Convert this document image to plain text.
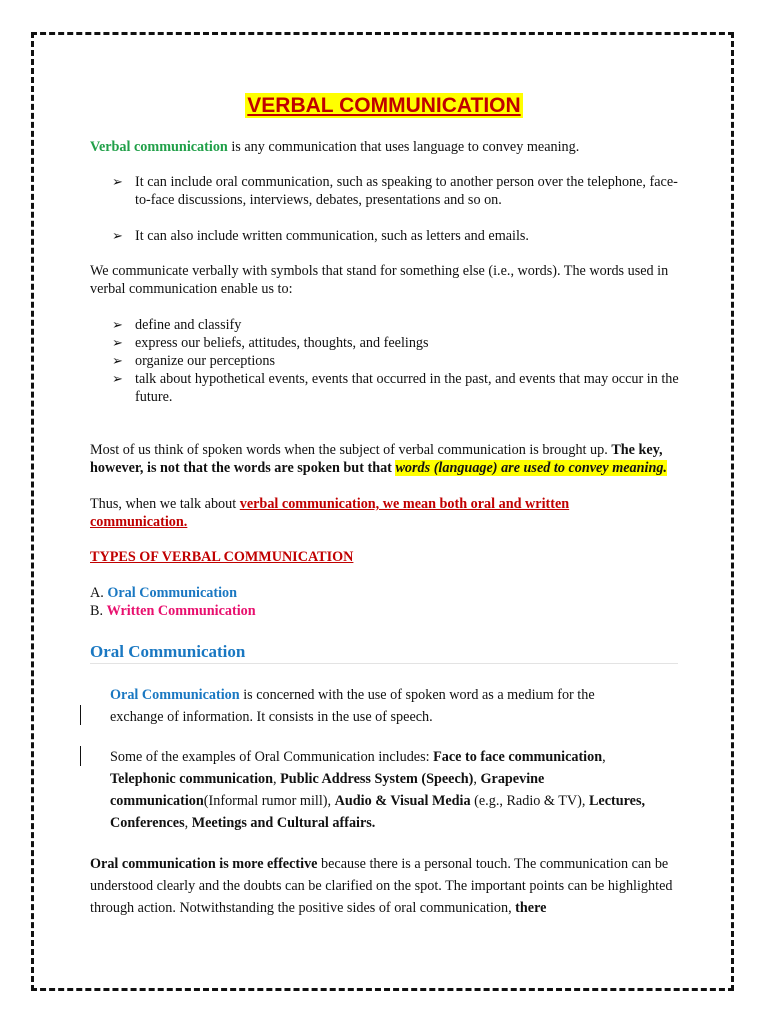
VERBAL COMMUNICATION

Verbal communication is any communication that uses language to convey meaning.

➢ It can include oral communication, such as speaking to another person over the telephone, face-to-face discussions, interviews, debates, presentations and so on.

➢ It can also include written communication, such as letters and emails.

We communicate verbally with symbols that stand for something else (i.e., words). The words used in verbal communication enable us to:

➢ define and classify

➢ express our beliefs, attitudes, thoughts, and feelings

➢ organize our perceptions

➢ talk about hypothetical events, events that occurred in the past, and events that may occur in the future.

Most of us think of spoken words when the subject of verbal communication is brought up. The key, however, is not that the words are spoken but that words (language) are used to convey meaning.

Thus, when we talk about verbal communication, we mean both oral and written communication.

TYPES OF VERBAL COMMUNICATION

A. Oral Communication

B. Written Communication

Oral Communication

Oral Communication is concerned with the use of spoken word as a medium for the exchange of information. It consists in the use of speech.

Some of the examples of Oral Communication includes: Face to face communication, Telephonic communication, Public Address System (Speech), Grapevine communication(Informal rumor mill), Audio & Visual Media (e.g., Radio & TV), Lectures, Conferences, Meetings and Cultural affairs.

Oral communication is more effective because there is a personal touch. The communication can be understood clearly and the doubts can be clarified on the spot. The important points can be highlighted through action. Notwithstanding the positive sides of oral communication, there
